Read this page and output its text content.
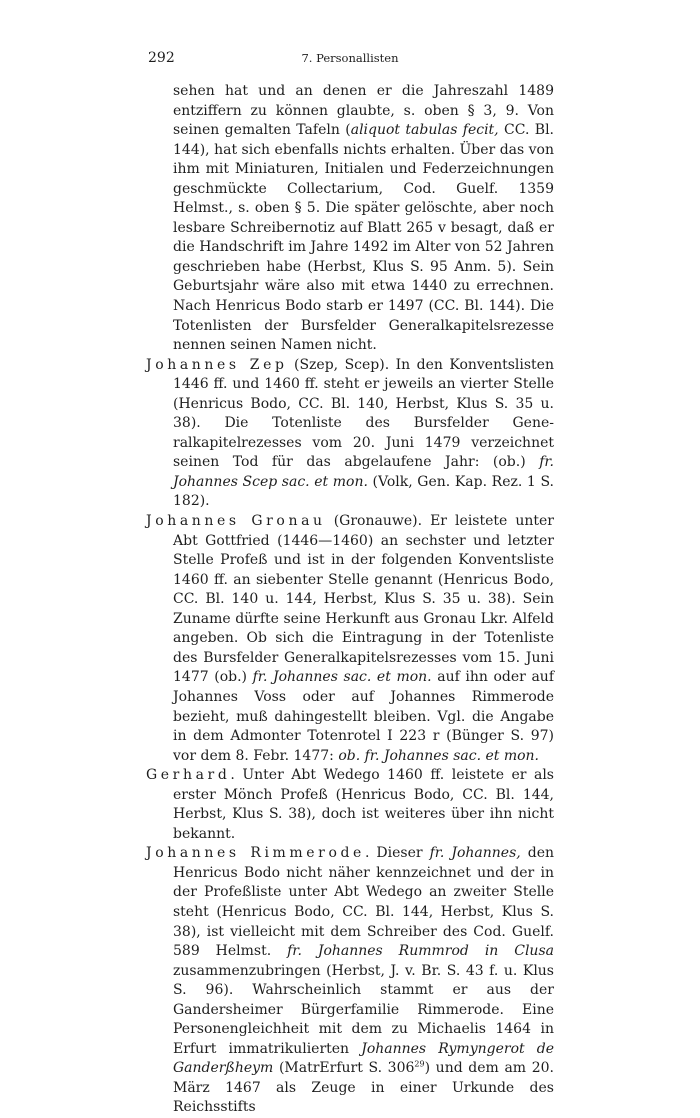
292	7. Personallisten

sehen hat und an denen er die Jahreszahl 1489 entziffern zu können glaubte, s. oben § 3, 9. Von seinen gemalten Tafeln (aliquot tabulas fecit, CC. Bl. 144), hat sich ebenfalls nichts erhalten. Über das von ihm mit Miniaturen, Initialen und Federzeichnungen geschmückte Collectarium, Cod. Guelf. 1359 Helmst., s. oben § 5. Die später gelöschte, aber noch lesbare Schreibernotiz auf Blatt 265 v besagt, daß er die Handschrift im Jahre 1492 im Alter von 52 Jahren geschrieben habe (Herbst, Klus S. 95 Anm. 5). Sein Geburtsjahr wäre also mit etwa 1440 zu errechnen. Nach Henricus Bodo starb er 1497 (CC. Bl. 144). Die Totenlisten der Bursfelder Generalkapitelsrezesse nennen seinen Namen nicht.

Johannes Zep (Szep, Scep). In den Konventslisten 1446 ff. und 1460 ff. steht er jeweils an vierter Stelle (Henricus Bodo, CC. Bl. 140, Herbst, Klus S. 35 u. 38). Die Totenliste des Bursfelder Generalkapitelrezesses vom 20. Juni 1479 verzeichnet seinen Tod für das abgelaufene Jahr: (ob.) fr. Johannes Scep sac. et mon. (Volk, Gen. Kap. Rez. 1 S. 182).

Johannes Gronau (Gronauwe). Er leistete unter Abt Gottfried (1446—1460) an sechster und letzter Stelle Profeß und ist in der folgenden Konventsliste 1460 ff. an siebenter Stelle genannt (Henricus Bodo, CC. Bl. 140 u. 144, Herbst, Klus S. 35 u. 38). Sein Zuname dürfte seine Herkunft aus Gronau Lkr. Alfeld angeben. Ob sich die Eintragung in der Totenliste des Bursfelder Generalkapitelsrezesses vom 15. Juni 1477 (ob.) fr. Johannes sac. et mon. auf ihn oder auf Johannes Voss oder auf Johannes Rimmerode bezieht, muß dahingestellt bleiben. Vgl. die Angabe in dem Admonter Totenrotel I 223 r (Bünger S. 97) vor dem 8. Febr. 1477: ob. fr. Johannes sac. et mon.

Gerhard. Unter Abt Wedego 1460 ff. leistete er als erster Mönch Profeß (Henricus Bodo, CC. Bl. 144, Herbst, Klus S. 38), doch ist weiteres über ihn nicht bekannt.

Johannes Rimmerode. Dieser fr. Johannes, den Henricus Bodo nicht näher kennzeichnet und der in der Profeßliste unter Abt Wedego an zweiter Stelle steht (Henricus Bodo, CC. Bl. 144, Herbst, Klus S. 38), ist vielleicht mit dem Schreiber des Cod. Guelf. 589 Helmst. fr. Johannes Rummrod in Clusa zusammenzubringen (Herbst, J. v. Br. S. 43 f. u. Klus S. 96). Wahrscheinlich stammt er aus der Gandersheimer Bürgerfamilie Rimmerode. Eine Personengleichheit mit dem zu Michaelis 1464 in Erfurt immatrikulierten Johannes Rymyngerot de Ganderßheym (MatrErfurt S. $306^{29}$) und dem am 20. März 1467 als Zeuge in einer Urkunde des Reichsstifts
